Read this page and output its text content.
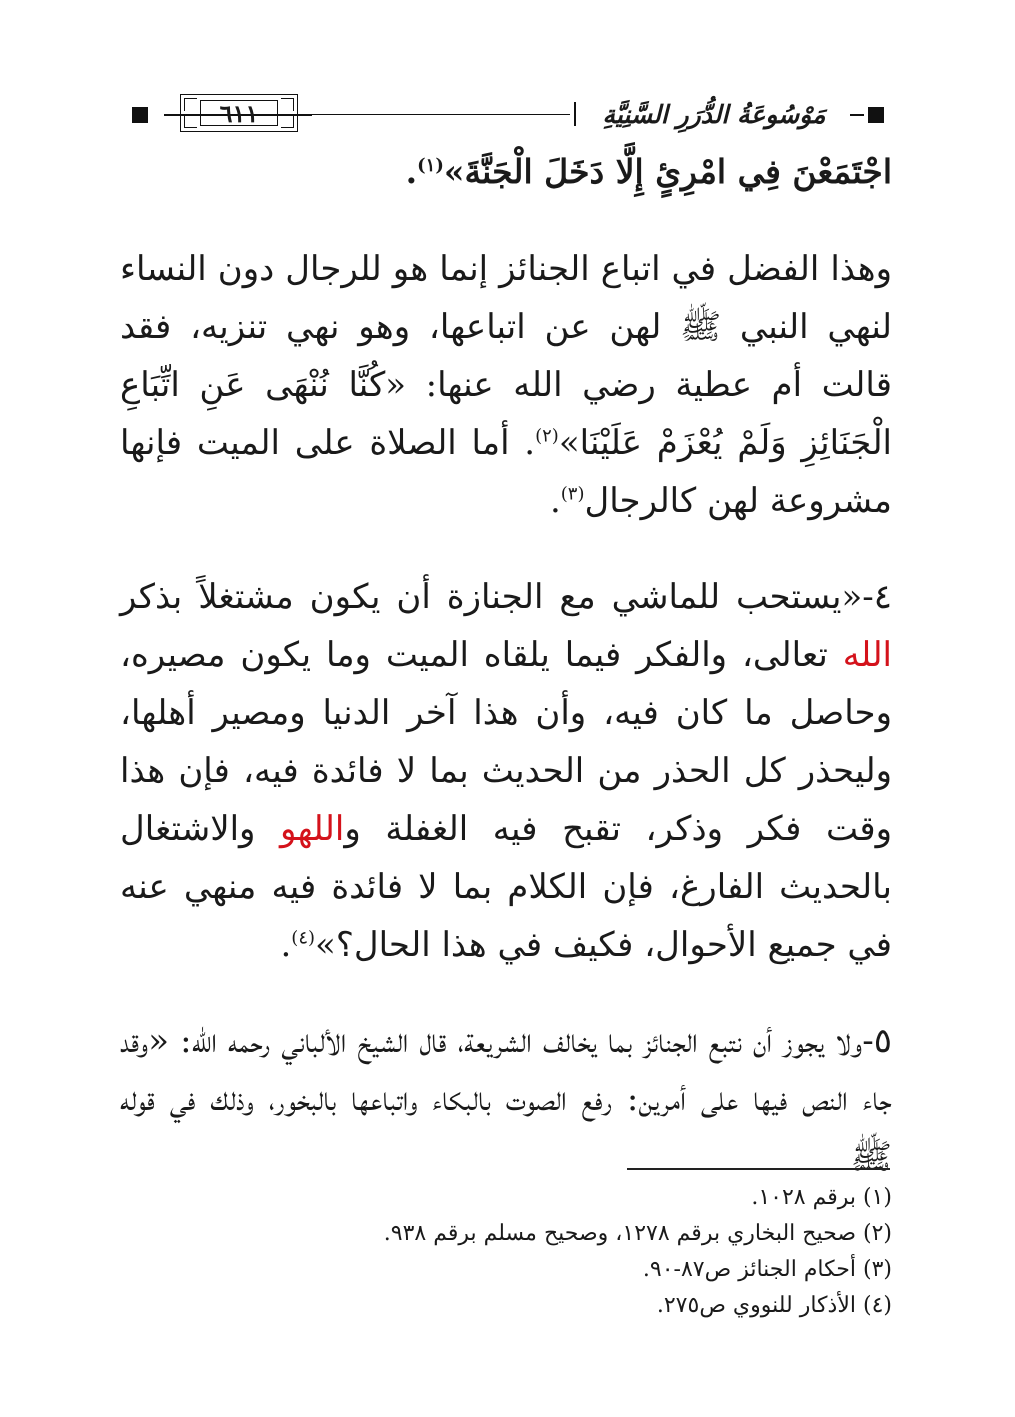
٦١١	مَوْسُوعَةُ الدُّرَرِ السَّنِيَّةِ

اجْتَمَعْنَ فِي امْرِئٍ إِلَّا دَخَلَ الْجَنَّةَ»$^{(١)}$.

وهذا الفضل في اتباع الجنائز إنما هو للرجال دون النساء لنهي النبي ﷺ لهن عن اتباعها، وهو نهي تنزيه، فقد قالت أم عطية رضي الله عنها: «كُنَّا نُنْهَى عَنِ اتِّبَاعِ الْجَنَائِزِ وَلَمْ يُعْزَمْ عَلَيْنَا»$^{(٢)}$. أما الصلاة على الميت فإنها مشروعة لهن كالرجال$^{(٣)}$.

٤-«يستحب للماشي مع الجنازة أن يكون مشتغلاً بذكر الله تعالى، والفكر فيما يلقاه الميت وما يكون مصيره، وحاصل ما كان فيه، وأن هذا آخر الدنيا ومصير أهلها، وليحذر كل الحذر من الحديث بما لا فائدة فيه، فإن هذا وقت فكر وذكر، تقبح فيه الغفلة واللهو والاشتغال بالحديث الفارغ، فإن الكلام بما لا فائدة فيه منهي عنه في جميع الأحوال، فكيف في هذا الحال؟»$^{(٤)}$.

٥-ولا يجوز أن نتبع الجنائز بما يخالف الشريعة، قال الشيخ الألباني رحمه الله: «وقد جاء النص فيها على أمرين: رفع الصوت بالبكاء واتباعها بالبخور، وذلك في قوله ﷺ

(١) برقم ١٠٢٨.

(٢) صحيح البخاري برقم ١٢٧٨، وصحيح مسلم برقم ٩٣٨.

(٣) أحكام الجنائز ص٨٧-٩٠.

(٤) الأذكار للنووي ص٢٧٥.
